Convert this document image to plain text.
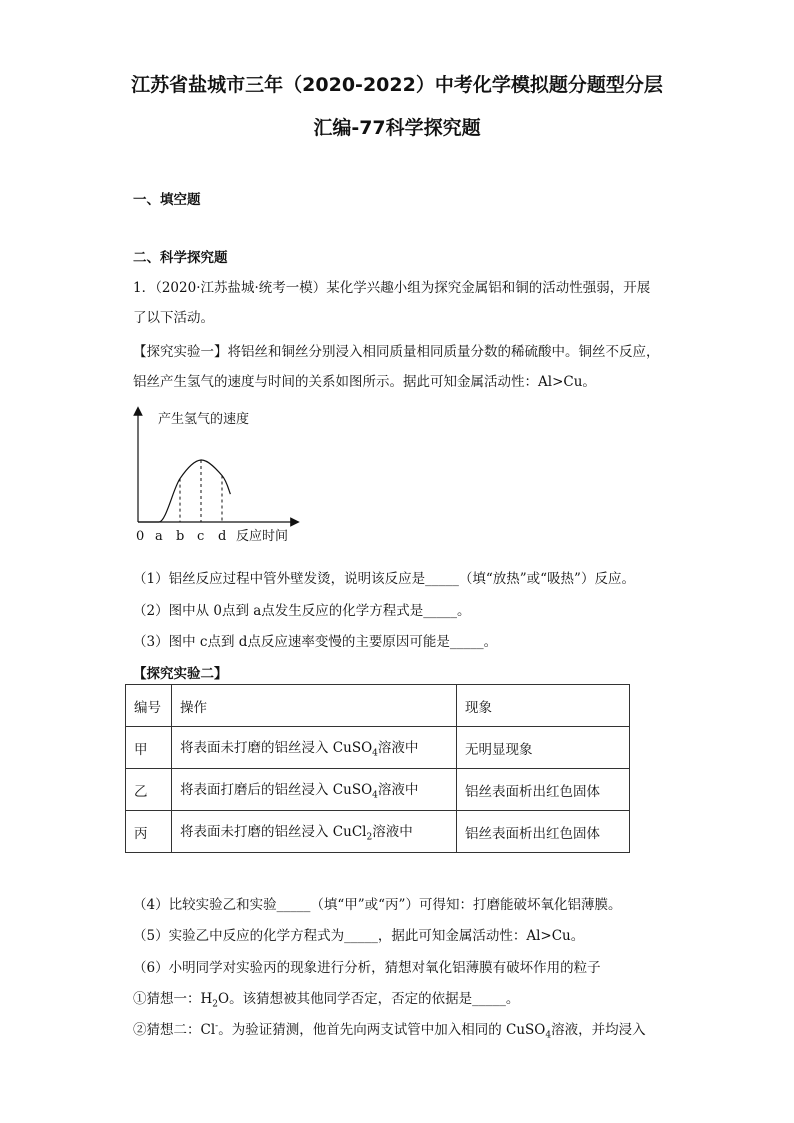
江苏省盐城市三年（2020-2022）中考化学模拟题分题型分层
汇编-77科学探究题
一、填空题
二、科学探究题
1．（2020·江苏盐城·统考一模）某化学兴趣小组为探究金属铝和铜的活动性强弱，开展
了以下活动。
【探究实验一】将铝丝和铜丝分别浸入相同质量相同质量分数的稀硫酸中。铜丝不反应，
铝丝产生氢气的速度与时间的关系如图所示。据此可知金属活动性：Al>Cu。
产生氢气的速度
0 a b c d 反应时间
（1）铝丝反应过程中管外壁发烫，说明该反应是_____（填“放热”或“吸热”）反应。
（2）图中从 0点到 a点发生反应的化学方程式是_____。
（3）图中 c点到 d点反应速率变慢的主要原因可能是_____。
【探究实验二】
编号	操作	现象
甲	将表面未打磨的铝丝浸入 CuSO$_4$溶液中	无明显现象
乙	将表面打磨后的铝丝浸入 CuSO$_4$溶液中	铝丝表面析出红色固体
丙	将表面未打磨的铝丝浸入 CuCl$_2$溶液中	铝丝表面析出红色固体
（4）比较实验乙和实验_____（填“甲”或“丙”）可得知：打磨能破坏氧化铝薄膜。
（5）实验乙中反应的化学方程式为_____，据此可知金属活动性：Al>Cu。
（6）小明同学对实验丙的现象进行分析，猜想对氧化铝薄膜有破坏作用的粒子
①猜想一：$H_2O$。该猜想被其他同学否定，否定的依据是_____。
②猜想二：Cl-。为验证猜测，他首先向两支试管中加入相同的 CuSO$_4$溶液，并均浸入
